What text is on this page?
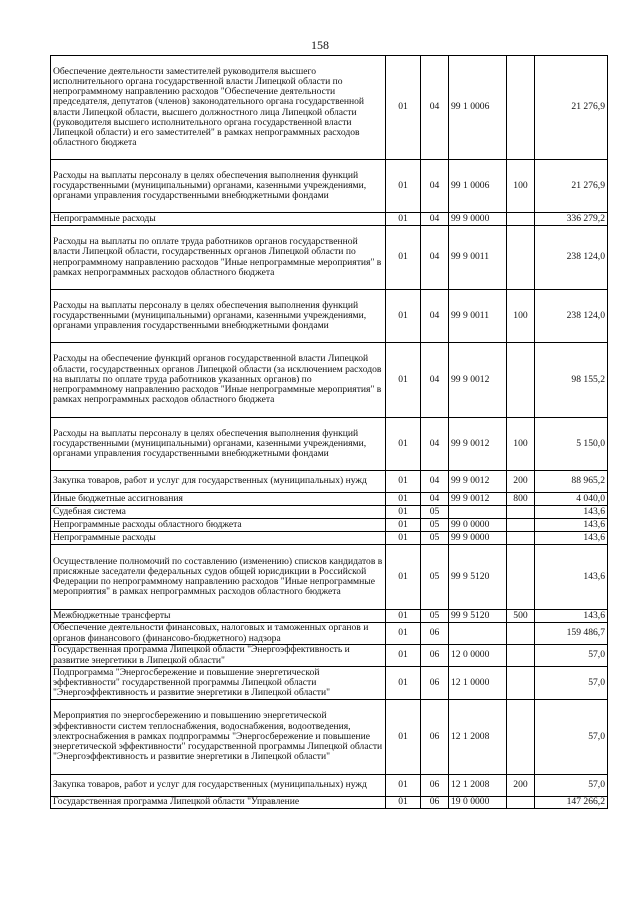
158
Обеспечение деятельности заместителей руководителя высшего исполнительного органа государственной власти Липецкой области по непрограммному направлению расходов "Обеспечение деятельности председателя, депутатов (членов) законодательного органа государственной власти Липецкой области, высшего должностного лица Липецкой области (руководителя высшего исполнительного органа государственной власти Липецкой области) и его заместителей" в рамках непрограммных расходов областного бюджета	01	04	99 1 0006		21 276,9
Расходы на выплаты персоналу в целях обеспечения выполнения функций государственными (муниципальными) органами, казенными учреждениями, органами управления государственными внебюджетными фондами	01	04	99 1 0006	100	21 276,9
Непрограммные расходы	01	04	99 9 0000		336 279,2
Расходы на выплаты по оплате труда работников органов государственной власти Липецкой области, государственных органов Липецкой области по непрограммному направлению расходов "Иные непрограммные мероприятия" в рамках непрограммных расходов областного бюджета	01	04	99 9 0011		238 124,0
Расходы на выплаты персоналу в целях обеспечения выполнения функций государственными (муниципальными) органами, казенными учреждениями, органами управления государственными внебюджетными фондами	01	04	99 9 0011	100	238 124,0
Расходы на обеспечение функций органов государственной власти Липецкой области, государственных органов Липецкой области (за исключением расходов на выплаты по оплате труда работников указанных органов) по непрограммному направлению расходов "Иные непрограммные мероприятия" в рамках непрограммных расходов областного бюджета	01	04	99 9 0012		98 155,2
Расходы на выплаты персоналу в целях обеспечения выполнения функций государственными (муниципальными) органами, казенными учреждениями, органами управления государственными внебюджетными фондами	01	04	99 9 0012	100	5 150,0
Закупка товаров, работ и услуг для государственных (муниципальных) нужд	01	04	99 9 0012	200	88 965,2
Иные бюджетные ассигнования	01	04	99 9 0012	800	4 040,0
Судебная система	01	05			143,6
Непрограммные расходы областного бюджета	01	05	99 0 0000		143,6
Непрограммные расходы	01	05	99 9 0000		143,6
Осуществление полномочий по составлению (изменению) списков кандидатов в присяжные заседатели федеральных судов общей юрисдикции в Российской Федерации по непрограммному направлению расходов "Иные непрограммные мероприятия" в рамках непрограммных расходов областного бюджета	01	05	99 9 5120		143,6
Межбюджетные трансферты	01	05	99 9 5120	500	143,6
Обеспечение деятельности финансовых, налоговых и таможенных органов и органов финансового (финансово-бюджетного) надзора	01	06			159 486,7
Государственная программа Липецкой области "Энергоэффективность и развитие энергетики в Липецкой области"	01	06	12 0 0000		57,0
Подпрограмма "Энергосбережение и повышение энергетической эффективности" государственной программы Липецкой области "Энергоэффективность и развитие энергетики в Липецкой области"	01	06	12 1 0000		57,0
Мероприятия по энергосбережению и повышению энергетической эффективности систем теплоснабжения, водоснабжения, водоотведения, электроснабжения в рамках подпрограммы "Энергосбережение и повышение энергетической эффективности" государственной программы Липецкой области "Энергоэффективность и развитие энергетики в Липецкой области"	01	06	12 1 2008		57,0
Закупка товаров, работ и услуг для государственных (муниципальных) нужд	01	06	12 1 2008	200	57,0
Государственная программа Липецкой области "Управление	01	06	19 0 0000		147 266,2
